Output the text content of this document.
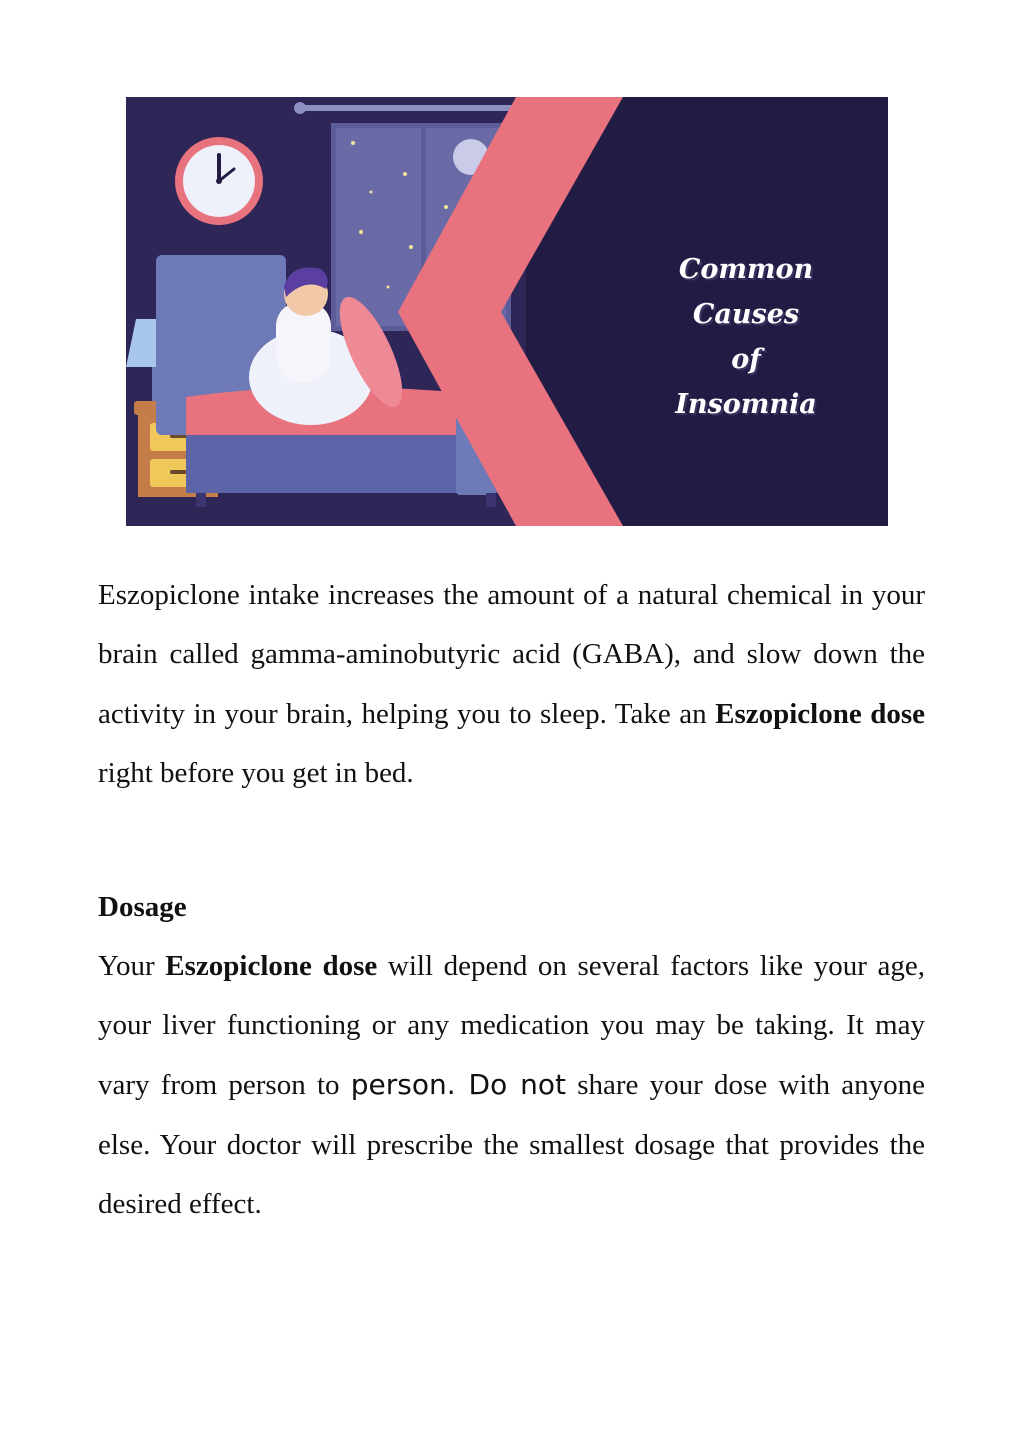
Common Causes
of
Insomnia

Eszopiclone intake increases the amount of a natural chemical in your brain called gamma-aminobutyric acid (GABA), and slow down the activity in your brain, helping you to sleep. Take an Eszopiclone dose right before you get in bed.

Dosage

Your Eszopiclone dose will depend on several factors like your age, your liver functioning or any medication you may be taking. It may vary from person to person. Do not share your dose with anyone else. Your doctor will prescribe the smallest dosage that provides the desired effect.
